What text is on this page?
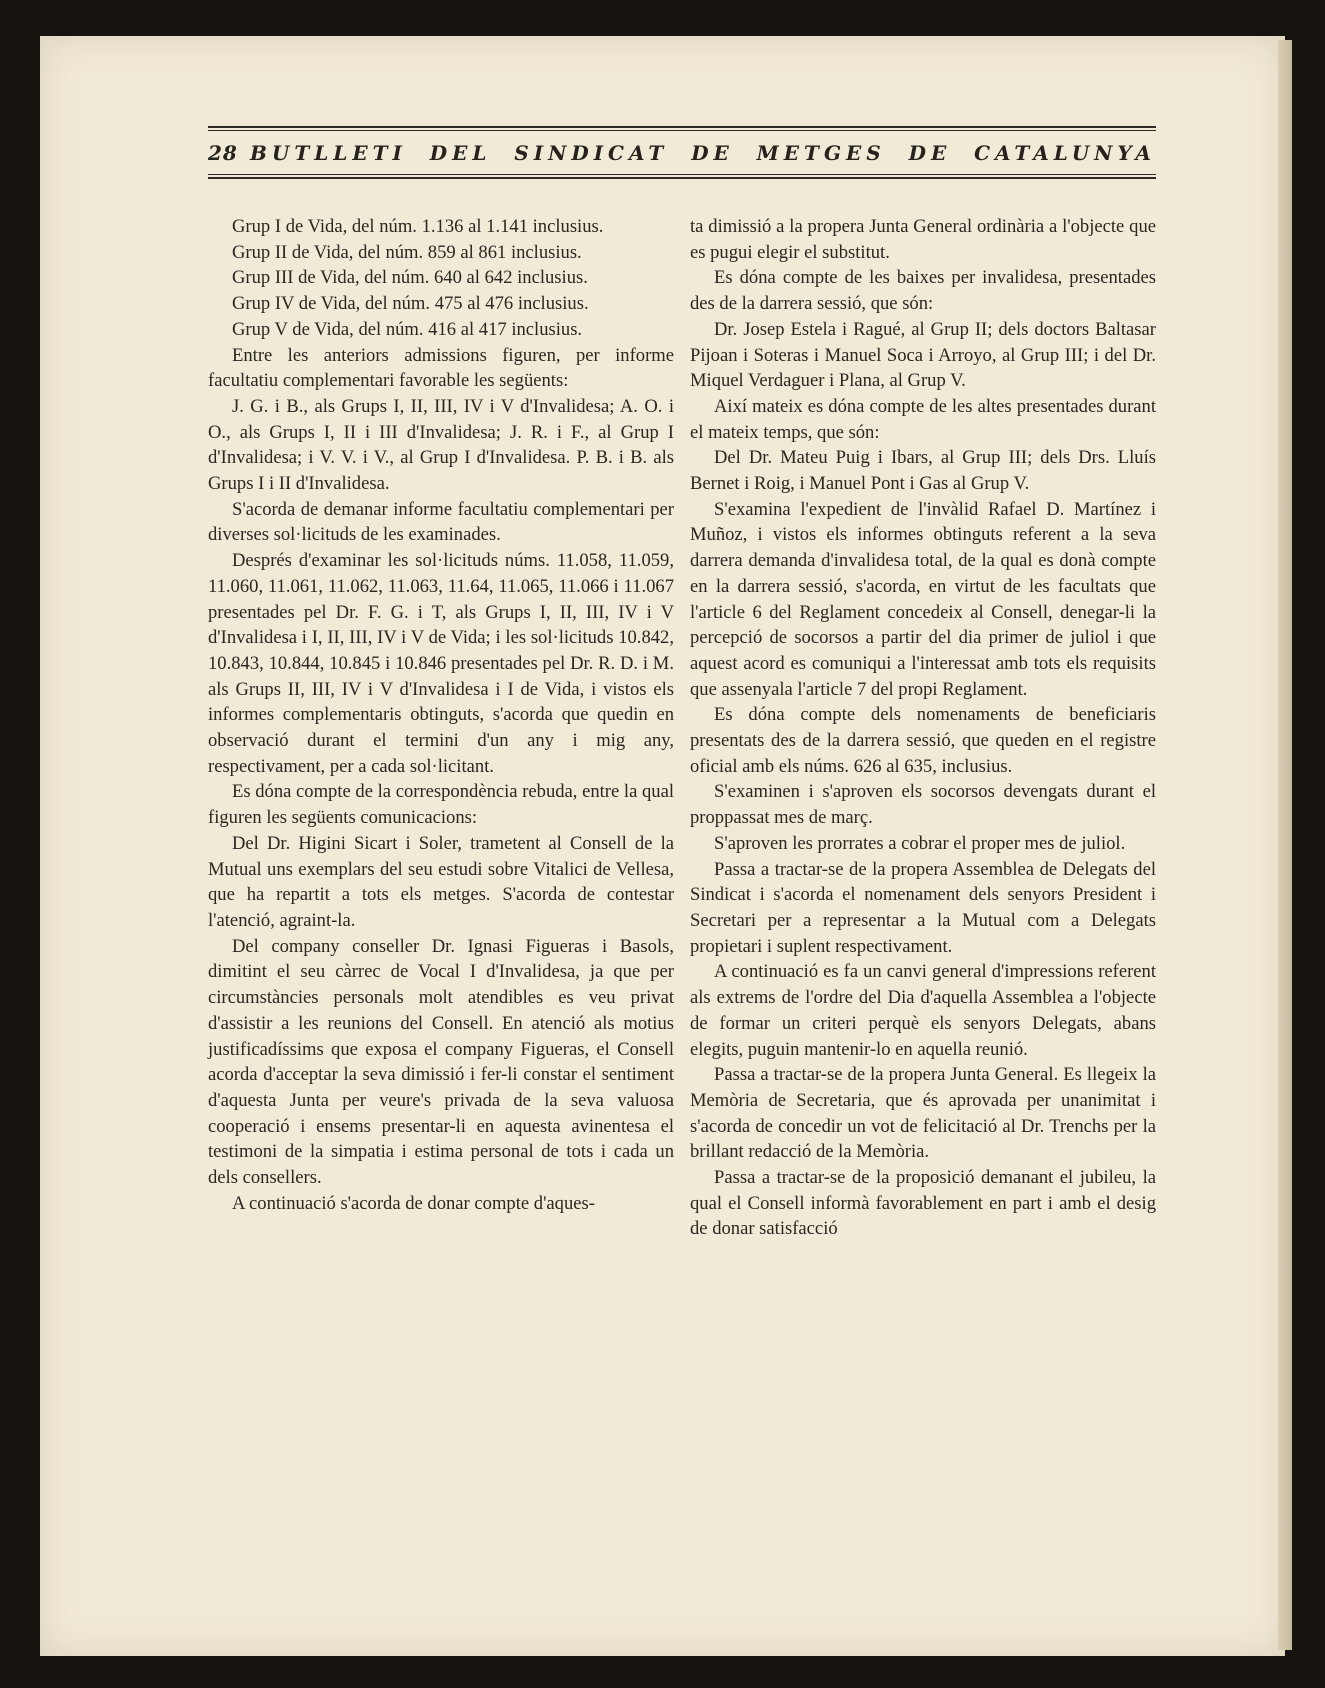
28 BUTLLETI DEL SINDICAT DE METGES DE CATALUNYA

Grup I de Vida, del núm. 1.136 al 1.141 inclusius.

Grup II de Vida, del núm. 859 al 861 inclusius.

Grup III de Vida, del núm. 640 al 642 inclusius.

Grup IV de Vida, del núm. 475 al 476 inclusius.

Grup V de Vida, del núm. 416 al 417 inclusius.

Entre les anteriors admissions figuren, per informe facultatiu complementari favorable les següents:

J. G. i B., als Grups I, II, III, IV i V d'Invalidesa; A. O. i O., als Grups I, II i III d'Invalidesa; J. R. i F., al Grup I d'Invalidesa; i V. V. i V., al Grup I d'Invalidesa. P. B. i B. als Grups I i II d'Invalidesa.

S'acorda de demanar informe facultatiu complementari per diverses sol·licituds de les examinades.

Després d'examinar les sol·licituds núms. 11.058, 11.059, 11.060, 11.061, 11.062, 11.063, 11.64, 11.065, 11.066 i 11.067 presentades pel Dr. F. G. i T, als Grups I, II, III, IV i V d'Invalidesa i I, II, III, IV i V de Vida; i les sol·licituds 10.842, 10.843, 10.844, 10.845 i 10.846 presentades pel Dr. R. D. i M. als Grups II, III, IV i V d'Invalidesa i I de Vida, i vistos els informes complementaris obtinguts, s'acorda que quedin en observació durant el termini d'un any i mig any, respectivament, per a cada sol·licitant.

Es dóna compte de la correspondència rebuda, entre la qual figuren les següents comunicacions:

Del Dr. Higini Sicart i Soler, trametent al Consell de la Mutual uns exemplars del seu estudi sobre Vitalici de Vellesa, que ha repartit a tots els metges. S'acorda de contestar l'atenció, agraint-la.

Del company conseller Dr. Ignasi Figueras i Basols, dimitint el seu càrrec de Vocal I d'Invalidesa, ja que per circumstàncies personals molt atendibles es veu privat d'assistir a les reunions del Consell. En atenció als motius justificadíssims que exposa el company Figueras, el Consell acorda d'acceptar la seva dimissió i fer-li constar el sentiment d'aquesta Junta per veure's privada de la seva valuosa cooperació i ensems presentar-li en aquesta avinentesa el testimoni de la simpatia i estima personal de tots i cada un dels consellers.

A continuació s'acorda de donar compte d'aques-

ta dimissió a la propera Junta General ordinària a l'objecte que es pugui elegir el substitut.

Es dóna compte de les baixes per invalidesa, presentades des de la darrera sessió, que són:

Dr. Josep Estela i Ragué, al Grup II; dels doctors Baltasar Pijoan i Soteras i Manuel Soca i Arroyo, al Grup III; i del Dr. Miquel Verdaguer i Plana, al Grup V.

Així mateix es dóna compte de les altes presentades durant el mateix temps, que són:

Del Dr. Mateu Puig i Ibars, al Grup III; dels Drs. Lluís Bernet i Roig, i Manuel Pont i Gas al Grup V.

S'examina l'expedient de l'invàlid Rafael D. Martínez i Muñoz, i vistos els informes obtinguts referent a la seva darrera demanda d'invalidesa total, de la qual es donà compte en la darrera sessió, s'acorda, en virtut de les facultats que l'article 6 del Reglament concedeix al Consell, denegar-li la percepció de socorsos a partir del dia primer de juliol i que aquest acord es comuniqui a l'interessat amb tots els requisits que assenyala l'article 7 del propi Reglament.

Es dóna compte dels nomenaments de beneficiaris presentats des de la darrera sessió, que queden en el registre oficial amb els núms. 626 al 635, inclusius.

S'examinen i s'aproven els socorsos devengats durant el proppassat mes de març.

S'aproven les prorrates a cobrar el proper mes de juliol.

Passa a tractar-se de la propera Assemblea de Delegats del Sindicat i s'acorda el nomenament dels senyors President i Secretari per a representar a la Mutual com a Delegats propietari i suplent respectivament.

A continuació es fa un canvi general d'impressions referent als extrems de l'ordre del Dia d'aquella Assemblea a l'objecte de formar un criteri perquè els senyors Delegats, abans elegits, puguin mantenir-lo en aquella reunió.

Passa a tractar-se de la propera Junta General. Es llegeix la Memòria de Secretaria, que és aprovada per unanimitat i s'acorda de concedir un vot de felicitació al Dr. Trenchs per la brillant redacció de la Memòria.

Passa a tractar-se de la proposició demanant el jubileu, la qual el Consell informà favorablement en part i amb el desig de donar satisfacció
